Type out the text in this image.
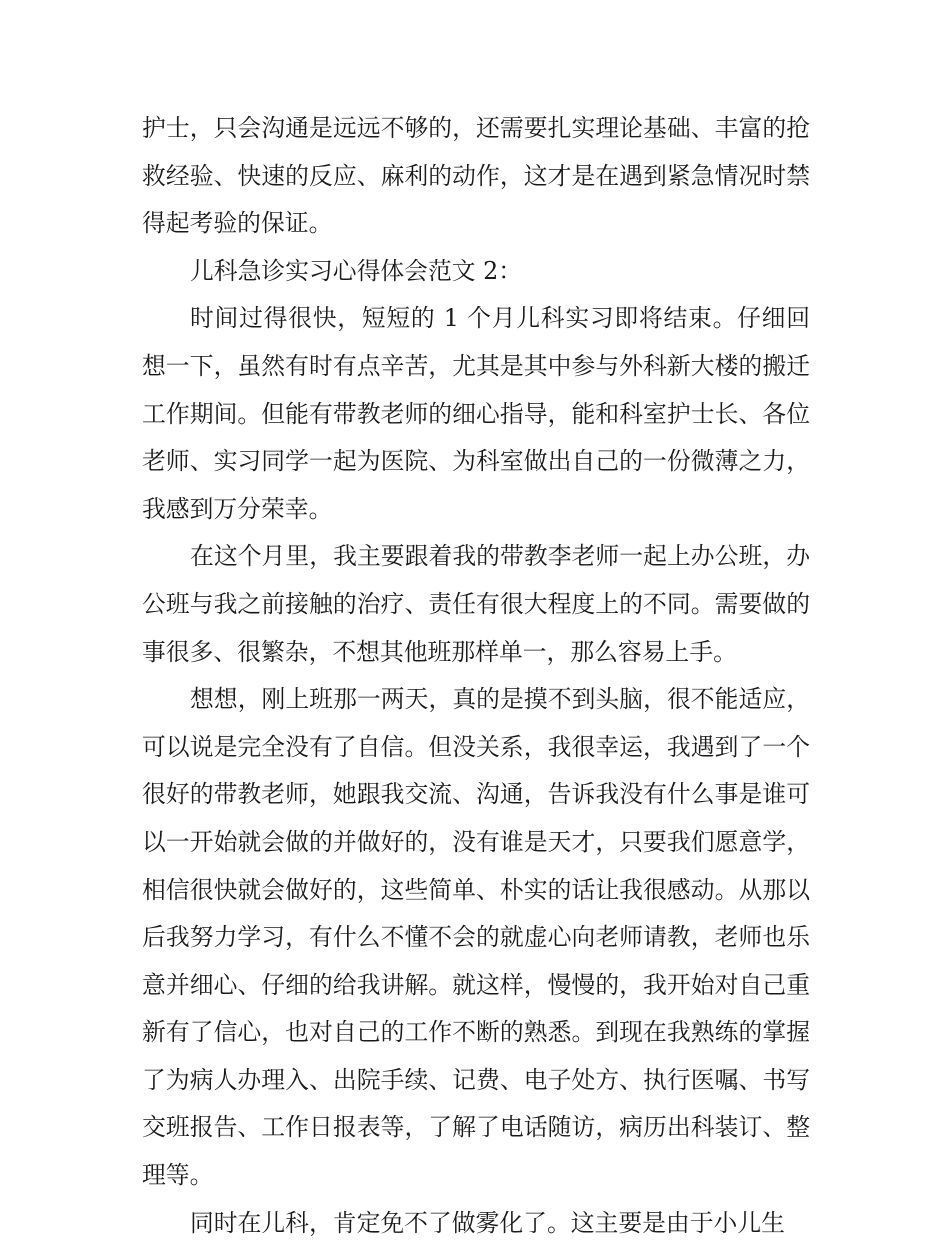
护士，只会沟通是远远不够的，还需要扎实理论基础、丰富的抢救经验、快速的反应、麻利的动作，这才是在遇到紧急情况时禁得起考验的保证。

儿科急诊实习心得体会范文 2：

时间过得很快，短短的 1 个月儿科实习即将结束。仔细回想一下，虽然有时有点辛苦，尤其是其中参与外科新大楼的搬迁工作期间。但能有带教老师的细心指导，能和科室护士长、各位老师、实习同学一起为医院、为科室做出自己的一份微薄之力，我感到万分荣幸。

在这个月里，我主要跟着我的带教李老师一起上办公班，办公班与我之前接触的治疗、责任有很大程度上的不同。需要做的事很多、很繁杂，不想其他班那样单一，那么容易上手。

想想，刚上班那一两天，真的是摸不到头脑，很不能适应，可以说是完全没有了自信。但没关系，我很幸运，我遇到了一个很好的带教老师，她跟我交流、沟通，告诉我没有什么事是谁可以一开始就会做的并做好的，没有谁是天才，只要我们愿意学，相信很快就会做好的，这些简单、朴实的话让我很感动。从那以后我努力学习，有什么不懂不会的就虚心向老师请教，老师也乐意并细心、仔细的给我讲解。就这样，慢慢的，我开始对自己重新有了信心，也对自己的工作不断的熟悉。到现在我熟练的掌握了为病人办理入、出院手续、记费、电子处方、执行医嘱、书写交班报告、工作日报表等，了解了电话随访，病历出科装订、整理等。

同时在儿科，肯定免不了做雾化了。这主要是由于小儿生
